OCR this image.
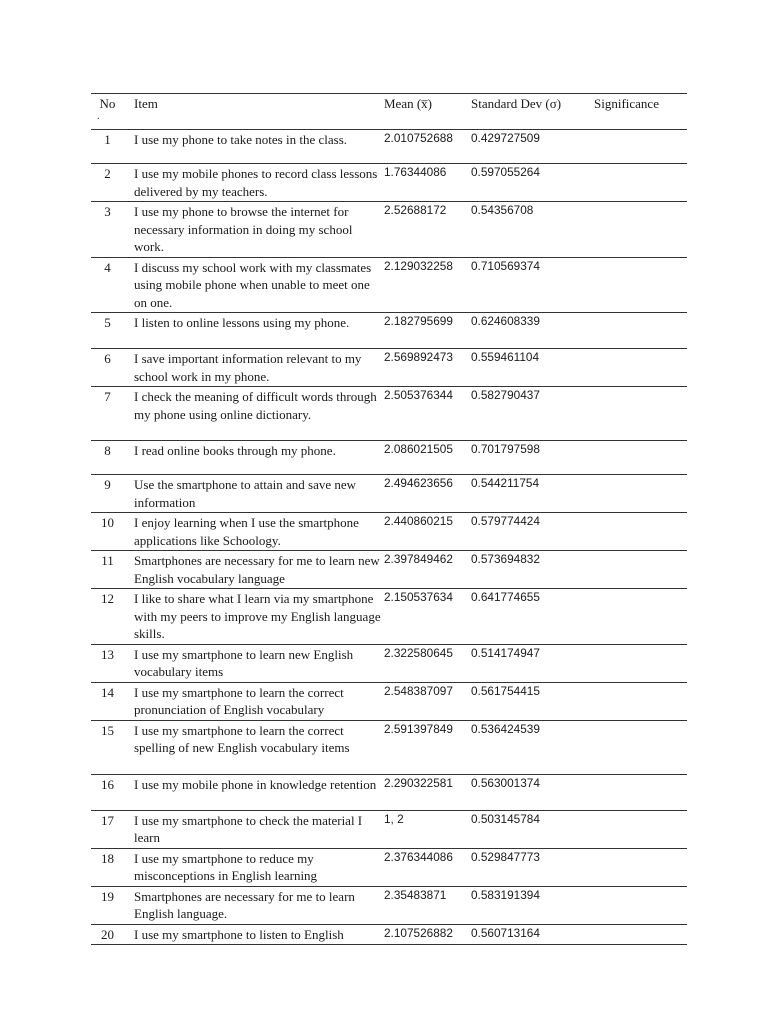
No
.	Item	Mean (x̅)	Standard Dev (σ)	Significance
1	I use my phone to take notes in the class.	2.010752688	0.429727509	
2	I use my mobile phones to record class lessons delivered by my teachers.	1.76344086	0.597055264	
3	I use my phone to browse the internet for necessary information in doing my school work.	2.52688172	0.54356708	
4	I discuss my school work with my classmates using mobile phone when unable to meet one on one.	2.129032258	0.710569374	
5	I listen to online lessons using my phone.	2.182795699	0.624608339	
6	I save important information relevant to my school work in my phone.	2.569892473	0.559461104	
7	I check the meaning of difficult words through my phone using online dictionary.	2.505376344	0.582790437	
8	I read online books through my phone.	2.086021505	0.701797598	
9	Use the smartphone to attain and save new information	2.494623656	0.544211754	
10	I enjoy learning when I use the smartphone applications like Schoology.	2.440860215	0.579774424	
11	Smartphones are necessary for me to learn new English vocabulary language	2.397849462	0.573694832	
12	I like to share what I learn via my smartphone with my peers to improve my English language skills.	2.150537634	0.641774655	
13	I use my smartphone to learn new English vocabulary items	2.322580645	0.514174947	
14	I use my smartphone to learn the correct pronunciation of English vocabulary	2.548387097	0.561754415	
15	I use my smartphone to learn the correct spelling of new English vocabulary items	2.591397849	0.536424539	
16	I use my mobile phone in knowledge retention	2.290322581	0.563001374	
17	I use my smartphone to check the material I learn	1, 2	0.503145784	
18	I use my smartphone to reduce my misconceptions in English learning	2.376344086	0.529847773	
19	Smartphones are necessary for me to learn English language.	2.35483871	0.583191394	
20	I use my smartphone to listen to English	2.107526882	0.560713164	
